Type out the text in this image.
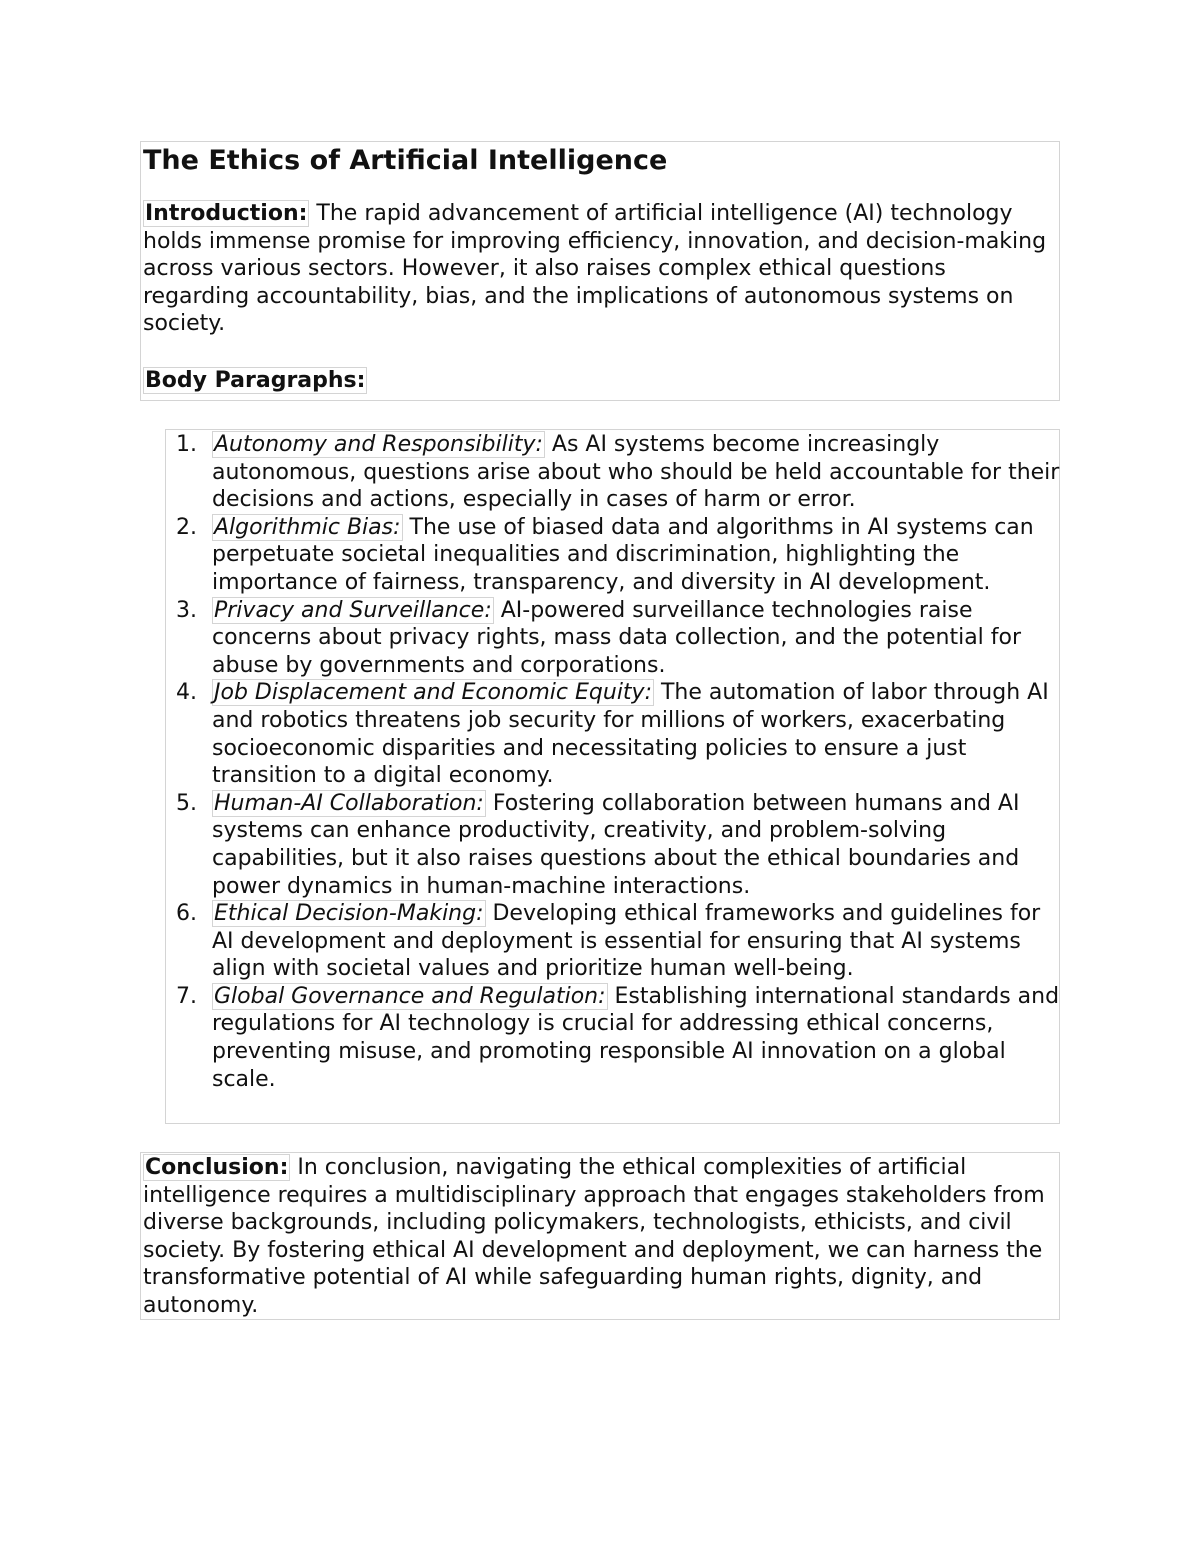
The Ethics of Artificial Intelligence

Introduction: The rapid advancement of artificial intelligence (AI) technology holds immense promise for improving efficiency, innovation, and decision-making across various sectors. However, it also raises complex ethical questions regarding accountability, bias, and the implications of autonomous systems on society.

Body Paragraphs:
1. Autonomy and Responsibility: As AI systems become increasingly autonomous, questions arise about who should be held accountable for their decisions and actions, especially in cases of harm or error.
2. Algorithmic Bias: The use of biased data and algorithms in AI systems can perpetuate societal inequalities and discrimination, highlighting the importance of fairness, transparency, and diversity in AI development.
3. Privacy and Surveillance: AI-powered surveillance technologies raise concerns about privacy rights, mass data collection, and the potential for abuse by governments and corporations.
4. Job Displacement and Economic Equity: The automation of labor through AI and robotics threatens job security for millions of workers, exacerbating socioeconomic disparities and necessitating policies to ensure a just transition to a digital economy.
5. Human-AI Collaboration: Fostering collaboration between humans and AI systems can enhance productivity, creativity, and problem-solving capabilities, but it also raises questions about the ethical boundaries and power dynamics in human-machine interactions.
6. Ethical Decision-Making: Developing ethical frameworks and guidelines for AI development and deployment is essential for ensuring that AI systems align with societal values and prioritize human well-being.
7. Global Governance and Regulation: Establishing international standards and regulations for AI technology is crucial for addressing ethical concerns, preventing misuse, and promoting responsible AI innovation on a global scale.

Conclusion: In conclusion, navigating the ethical complexities of artificial intelligence requires a multidisciplinary approach that engages stakeholders from diverse backgrounds, including policymakers, technologists, ethicists, and civil society. By fostering ethical AI development and deployment, we can harness the transformative potential of AI while safeguarding human rights, dignity, and autonomy.
